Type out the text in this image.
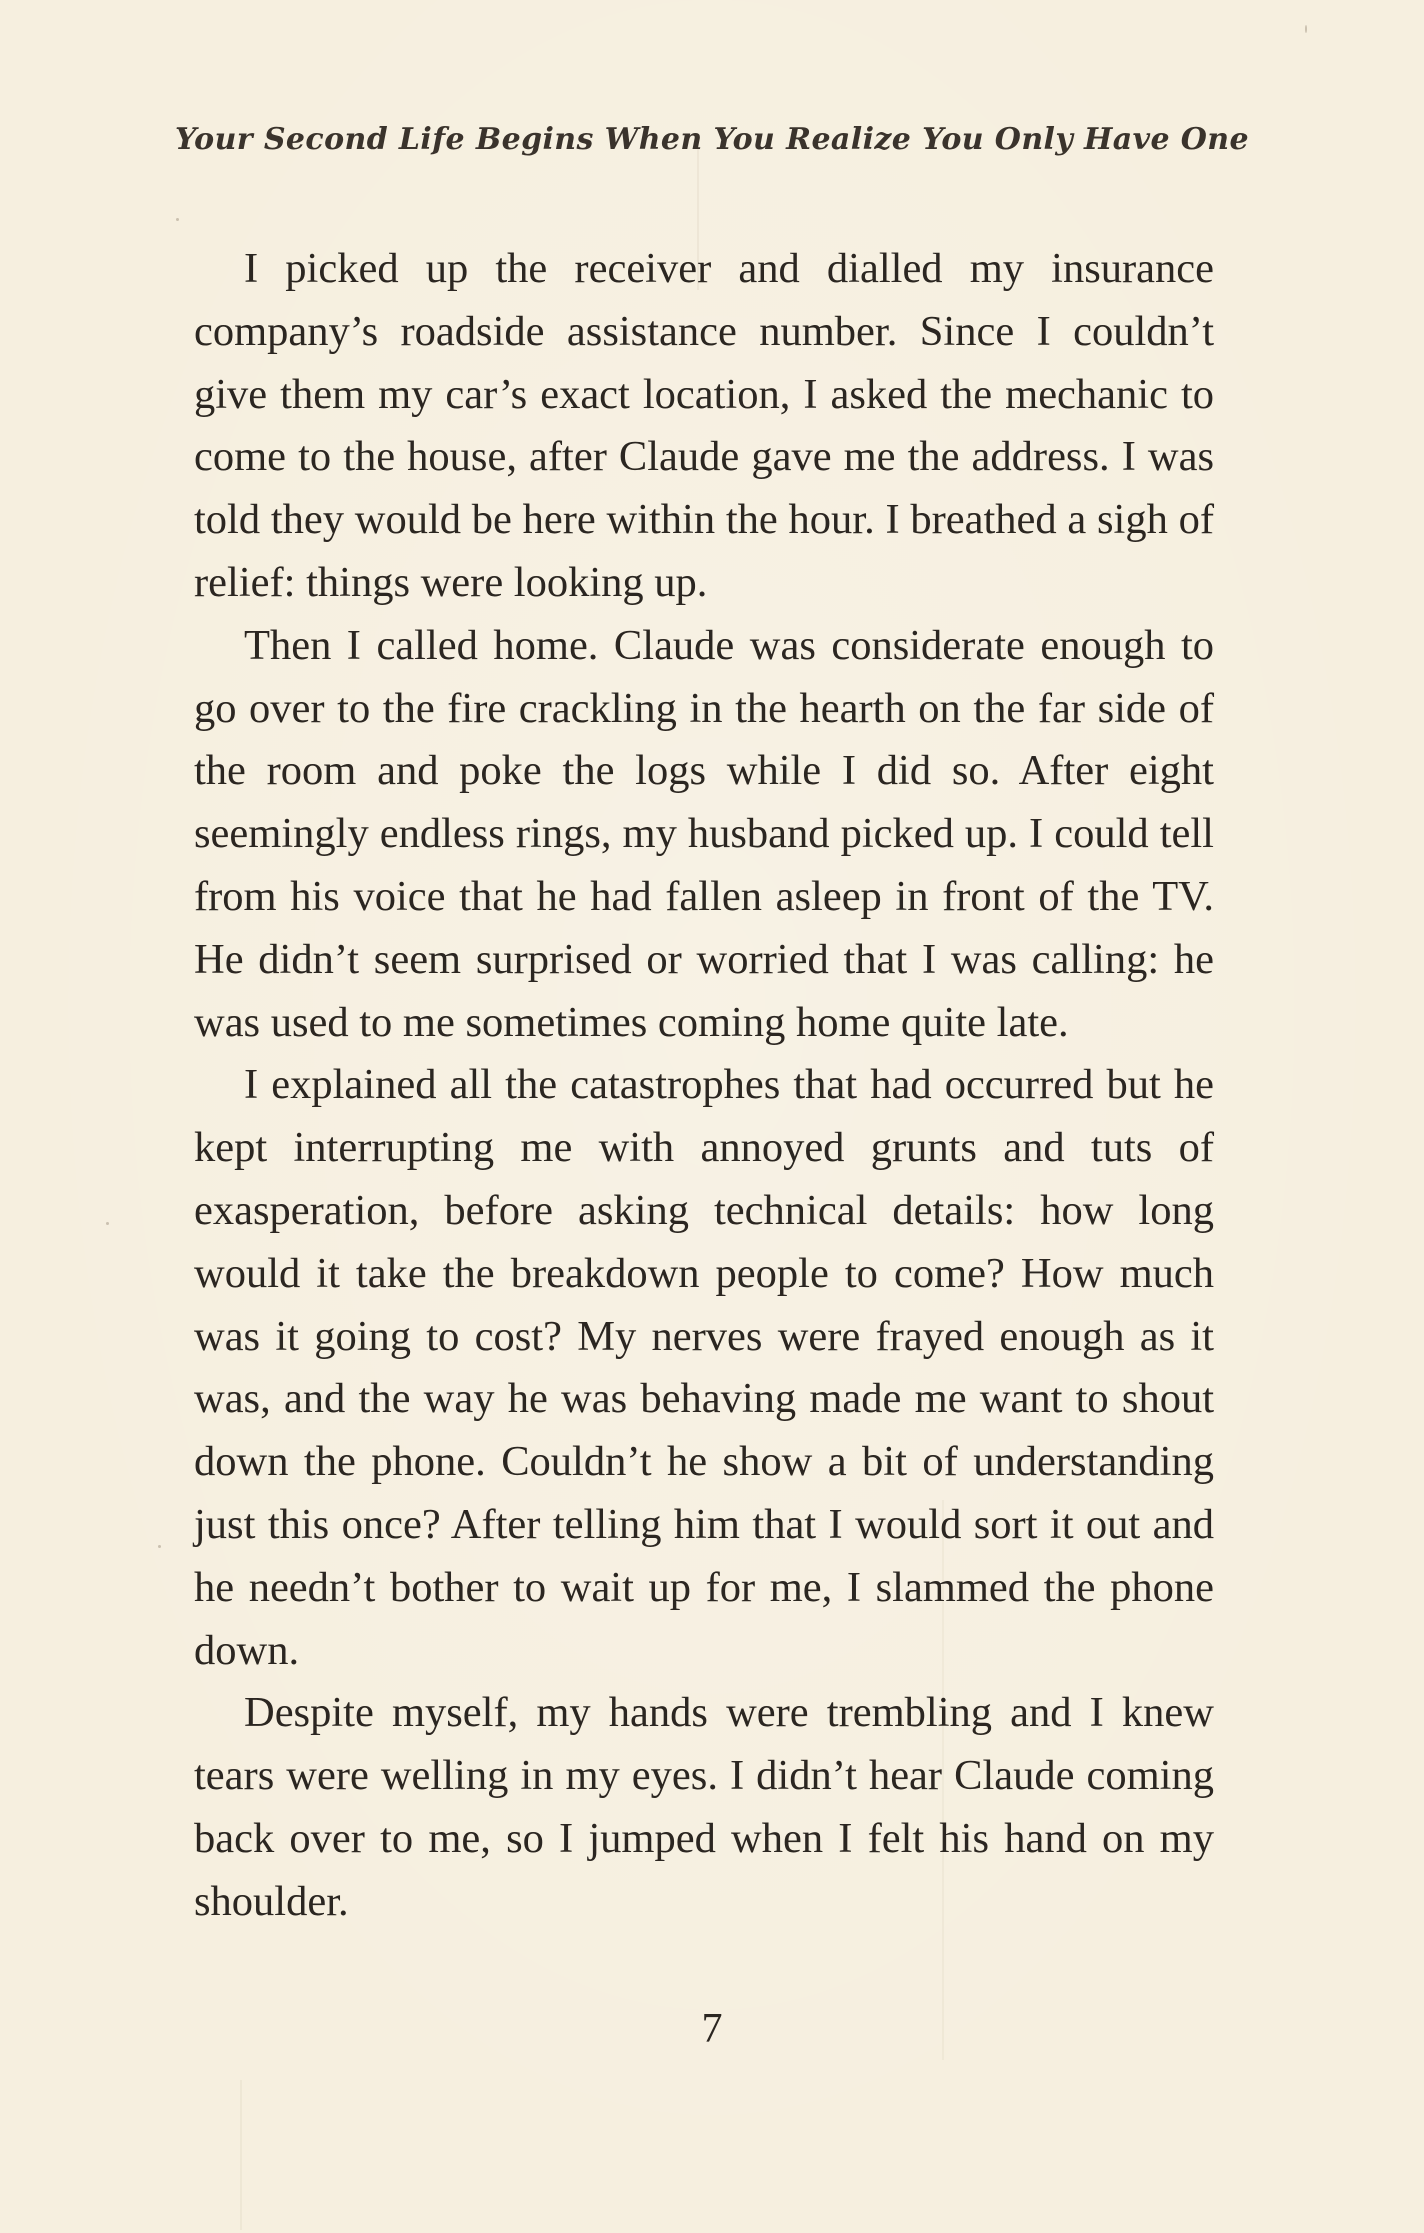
Your Second Life Begins When You Realize You Only Have One

I picked up the receiver and dialled my insurance company’s roadside assistance number. Since I couldn’t give them my car’s exact location, I asked the mechanic to come to the house, after Claude gave me the address. I was told they would be here within the hour. I breathed a sigh of relief: things were looking up.

Then I called home. Claude was considerate enough to go over to the fire crackling in the hearth on the far side of the room and poke the logs while I did so. After eight seemingly endless rings, my husband picked up. I could tell from his voice that he had fallen asleep in front of the TV. He didn’t seem surprised or worried that I was calling: he was used to me sometimes coming home quite late.

I explained all the catastrophes that had occurred but he kept interrupting me with annoyed grunts and tuts of exasperation, before asking technical details: how long would it take the breakdown people to come? How much was it going to cost? My nerves were frayed enough as it was, and the way he was behaving made me want to shout down the phone. Couldn’t he show a bit of understanding just this once? After telling him that I would sort it out and he needn’t bother to wait up for me, I slammed the phone down.

Despite myself, my hands were trembling and I knew tears were welling in my eyes. I didn’t hear Claude coming back over to me, so I jumped when I felt his hand on my shoulder.

7
